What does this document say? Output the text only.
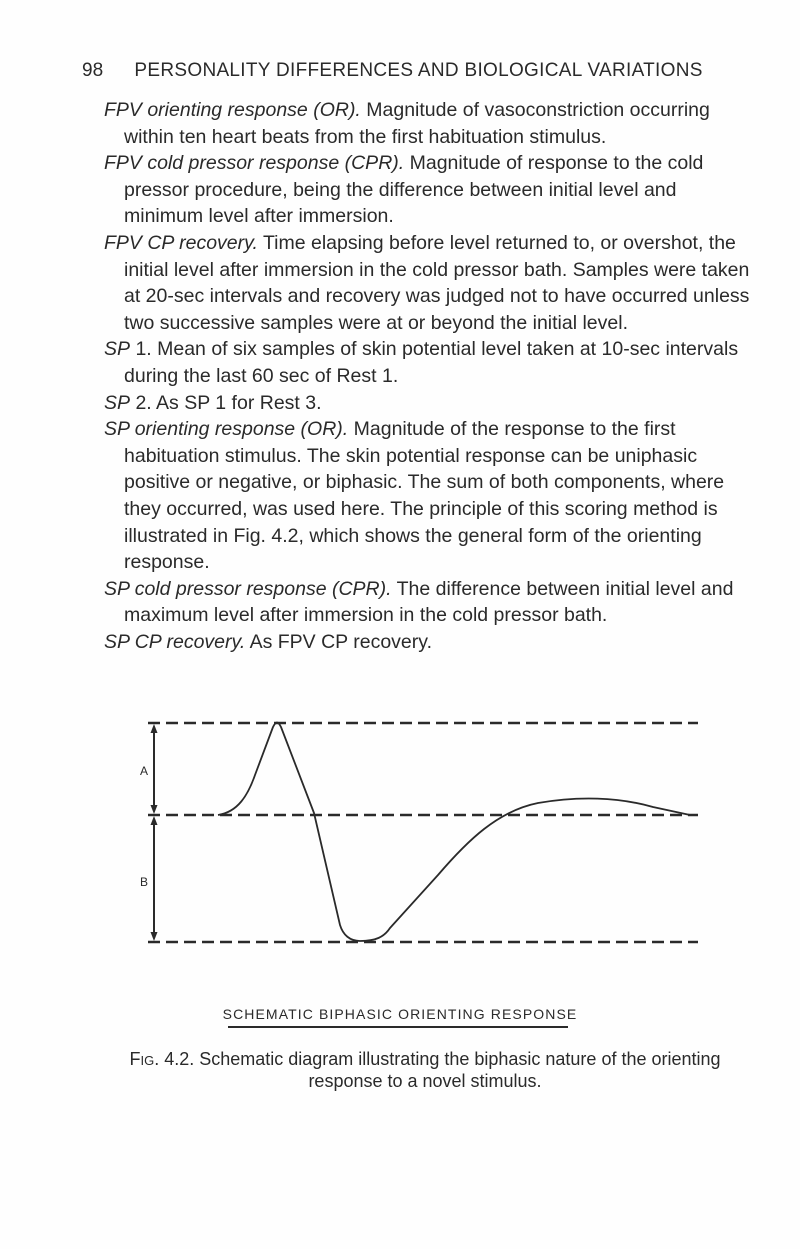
98 PERSONALITY DIFFERENCES AND BIOLOGICAL VARIATIONS

FPV orienting response (OR). Magnitude of vasoconstriction occurring within ten heart beats from the first habituation stimulus.

FPV cold pressor response (CPR). Magnitude of response to the cold pressor procedure, being the difference between initial level and minimum level after immersion.

FPV CP recovery. Time elapsing before level returned to, or overshot, the initial level after immersion in the cold pressor bath. Samples were taken at 20-sec intervals and recovery was judged not to have occurred unless two successive samples were at or beyond the initial level.

SP 1. Mean of six samples of skin potential level taken at 10-sec intervals during the last 60 sec of Rest 1.

SP 2. As SP 1 for Rest 3.

SP orienting response (OR). Magnitude of the response to the first habituation stimulus. The skin potential response can be uniphasic positive or negative, or biphasic. The sum of both components, where they occurred, was used here. The principle of this scoring method is illustrated in Fig. 4.2, which shows the general form of the orienting response.

SP cold pressor response (CPR). The difference between initial level and maximum level after immersion in the cold pressor bath.

SP CP recovery. As FPV CP recovery.

A
B
SCHEMATIC BIPHASIC ORIENTING RESPONSE
Fig. 4.2. Schematic diagram illustrating the biphasic nature of the orienting response to a novel stimulus.
